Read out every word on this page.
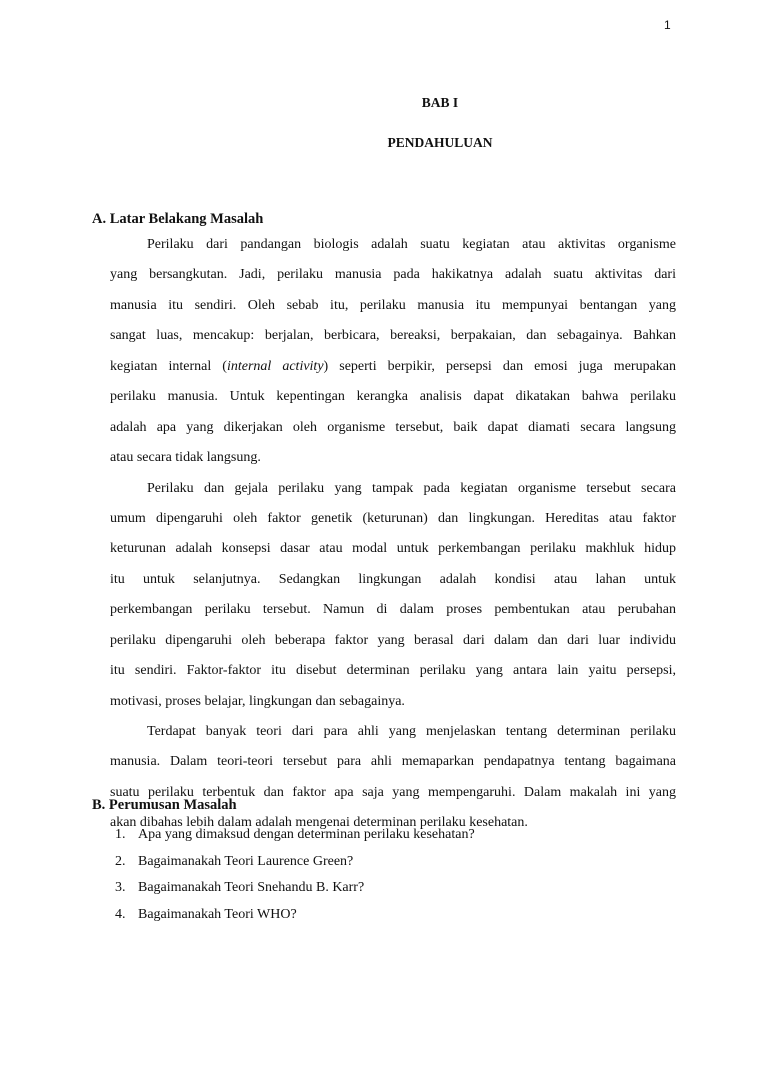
1
BAB I
PENDAHULUAN
A. Latar Belakang Masalah
Perilaku dari pandangan biologis adalah suatu kegiatan atau aktivitas organisme
yang bersangkutan. Jadi, perilaku manusia pada hakikatnya adalah suatu aktivitas dari
manusia itu sendiri. Oleh sebab itu, perilaku manusia itu mempunyai bentangan yang
sangat luas, mencakup: berjalan, berbicara, bereaksi, berpakaian, dan sebagainya. Bahkan
kegiatan internal (internal activity) seperti berpikir, persepsi dan emosi juga merupakan
perilaku manusia. Untuk kepentingan kerangka analisis dapat dikatakan bahwa perilaku
adalah apa yang dikerjakan oleh organisme tersebut, baik dapat diamati secara langsung
atau secara tidak langsung.
Perilaku dan gejala perilaku yang tampak pada kegiatan organisme tersebut secara
umum dipengaruhi oleh faktor genetik (keturunan) dan lingkungan. Hereditas atau faktor
keturunan adalah konsepsi dasar atau modal untuk perkembangan perilaku makhluk hidup
itu untuk selanjutnya. Sedangkan lingkungan adalah kondisi atau lahan untuk
perkembangan perilaku tersebut. Namun di dalam proses pembentukan atau perubahan
perilaku dipengaruhi oleh beberapa faktor yang berasal dari dalam dan dari luar individu
itu sendiri. Faktor-faktor itu disebut determinan perilaku yang antara lain yaitu persepsi,
motivasi, proses belajar, lingkungan dan sebagainya.
Terdapat banyak teori dari para ahli yang menjelaskan tentang determinan perilaku
manusia. Dalam teori-teori tersebut para ahli memaparkan pendapatnya tentang bagaimana
suatu perilaku terbentuk dan faktor apa saja yang mempengaruhi. Dalam makalah ini yang
akan dibahas lebih dalam adalah mengenai determinan perilaku kesehatan.
B. Perumusan Masalah
1. Apa yang dimaksud dengan determinan perilaku kesehatan?
2. Bagaimanakah Teori Laurence Green?
3. Bagaimanakah Teori Snehandu B. Karr?
4. Bagaimanakah Teori WHO?
